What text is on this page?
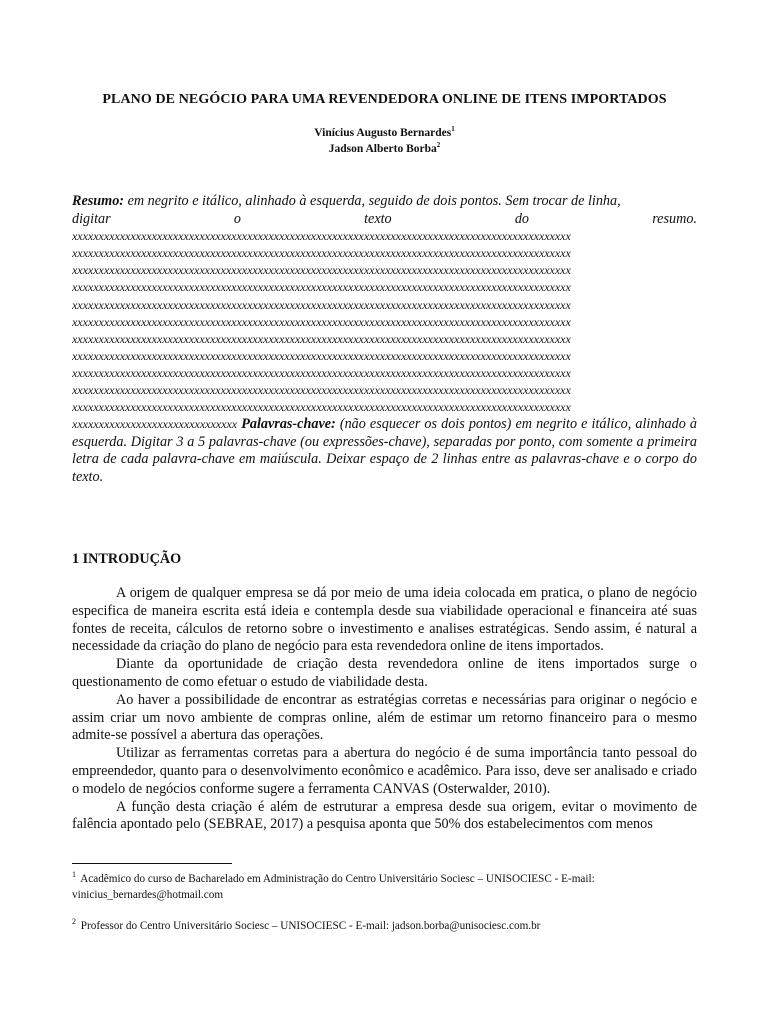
PLANO DE NEGÓCIO PARA UMA REVENDEDORA ONLINE DE ITENS IMPORTADOS
Vinícius Augusto Bernardes$^1$
Jadson Alberto Borba$^2$
Resumo: em negrito e itálico, alinhado à esquerda, seguido de dois pontos. Sem trocar de linha,
digitar	o	texto	do	resumo.
xxxxxxxxxxxxxxxxxxxxxxxxxxxxxxxxxxxxxxxxxxxxxxxxxxxxxxxxxxxxxxxxxxxxxxxxxxxxxxxxxxxxxxxxxxxxxx
xxxxxxxxxxxxxxxxxxxxxxxxxxxxxxxxxxxxxxxxxxxxxxxxxxxxxxxxxxxxxxxxxxxxxxxxxxxxxxxxxxxxxxxxxxxxxx
xxxxxxxxxxxxxxxxxxxxxxxxxxxxxxxxxxxxxxxxxxxxxxxxxxxxxxxxxxxxxxxxxxxxxxxxxxxxxxxxxxxxxxxxxxxxxx
xxxxxxxxxxxxxxxxxxxxxxxxxxxxxxxxxxxxxxxxxxxxxxxxxxxxxxxxxxxxxxxxxxxxxxxxxxxxxxxxxxxxxxxxxxxxxx
xxxxxxxxxxxxxxxxxxxxxxxxxxxxxxxxxxxxxxxxxxxxxxxxxxxxxxxxxxxxxxxxxxxxxxxxxxxxxxxxxxxxxxxxxxxxxx
xxxxxxxxxxxxxxxxxxxxxxxxxxxxxxxxxxxxxxxxxxxxxxxxxxxxxxxxxxxxxxxxxxxxxxxxxxxxxxxxxxxxxxxxxxxxxx
xxxxxxxxxxxxxxxxxxxxxxxxxxxxxxxxxxxxxxxxxxxxxxxxxxxxxxxxxxxxxxxxxxxxxxxxxxxxxxxxxxxxxxxxxxxxxx
xxxxxxxxxxxxxxxxxxxxxxxxxxxxxxxxxxxxxxxxxxxxxxxxxxxxxxxxxxxxxxxxxxxxxxxxxxxxxxxxxxxxxxxxxxxxxx
xxxxxxxxxxxxxxxxxxxxxxxxxxxxxxxxxxxxxxxxxxxxxxxxxxxxxxxxxxxxxxxxxxxxxxxxxxxxxxxxxxxxxxxxxxxxxx
xxxxxxxxxxxxxxxxxxxxxxxxxxxxxxxxxxxxxxxxxxxxxxxxxxxxxxxxxxxxxxxxxxxxxxxxxxxxxxxxxxxxxxxxxxxxxx
xxxxxxxxxxxxxxxxxxxxxxxxxxxxxxxxxxxxxxxxxxxxxxxxxxxxxxxxxxxxxxxxxxxxxxxxxxxxxxxxxxxxxxxxxxxxxx
xxxxxxxxxxxxxxxxxxxxxxxxxxxxxxx Palavras-chave: (não esquecer os dois pontos) em negrito e itálico, alinhado à esquerda. Digitar 3 a 5 palavras-chave (ou expressões-chave), separadas por ponto, com somente a primeira letra de cada palavra-chave em maiúscula. Deixar espaço de 2 linhas entre as palavras-chave e o corpo do texto.
1 INTRODUÇÃO

A origem de qualquer empresa se dá por meio de uma ideia colocada em pratica, o plano de negócio especifica de maneira escrita está ideia e contempla desde sua viabilidade operacional e financeira até suas fontes de receita, cálculos de retorno sobre o investimento e analises estratégicas. Sendo assim, é natural a necessidade da criação do plano de negócio para esta revendedora online de itens importados.

Diante da oportunidade de criação desta revendedora online de itens importados surge o questionamento de como efetuar o estudo de viabilidade desta.

Ao haver a possibilidade de encontrar as estratégias corretas e necessárias para originar o negócio e assim criar um novo ambiente de compras online, além de estimar um retorno financeiro para o mesmo admite-se possível a abertura das operações.

Utilizar as ferramentas corretas para a abertura do negócio é de suma importância tanto pessoal do empreendedor, quanto para o desenvolvimento econômico e acadêmico. Para isso, deve ser analisado e criado o modelo de negócios conforme sugere a ferramenta CANVAS (Osterwalder, 2010).

A função desta criação é além de estruturar a empresa desde sua origem, evitar o movimento de falência apontado pelo (SEBRAE, 2017) a pesquisa aponta que 50% dos estabelecimentos com menos

$^1$ Acadêmico do curso de Bacharelado em Administração do Centro Universitário Sociesc – UNISOCIESC - E-mail:
vinicius_bernardes@hotmail.com
$^2$ Professor do Centro Universitário Sociesc – UNISOCIESC - E-mail: jadson.borba@unisociesc.com.br
